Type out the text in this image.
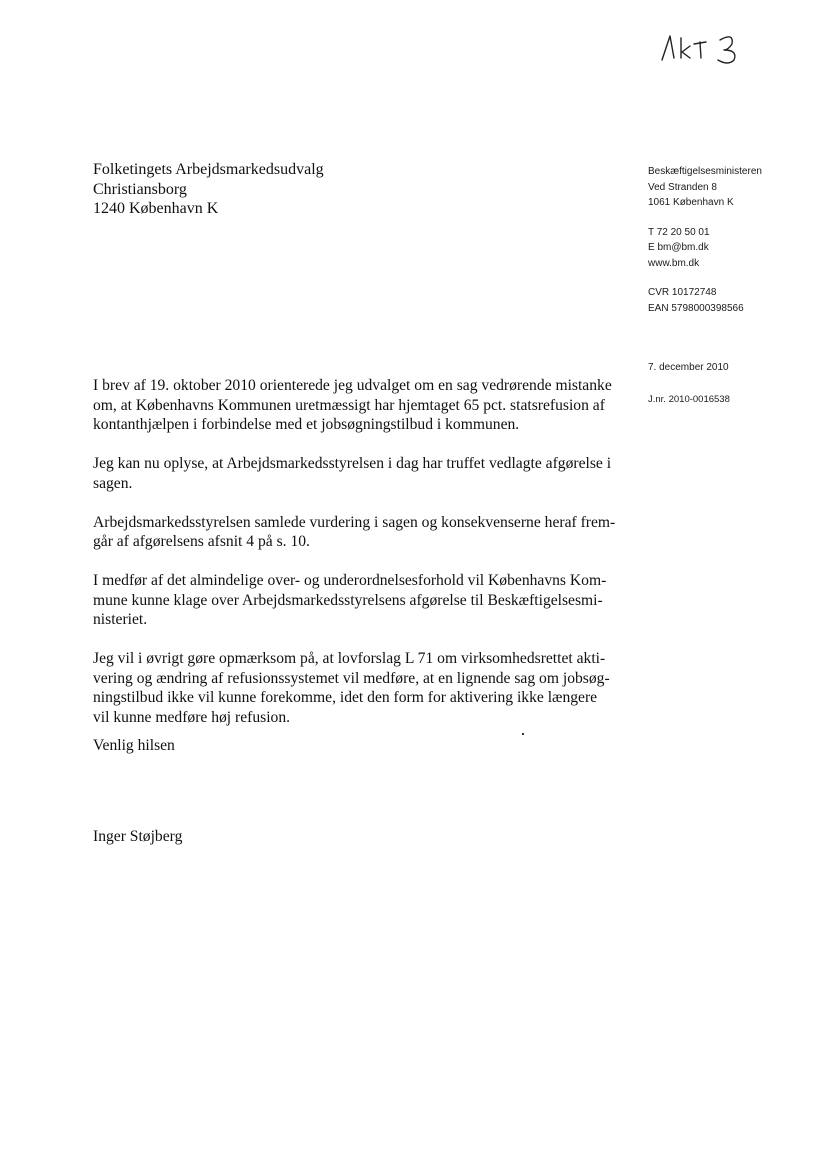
Folketingets Arbejdsmarkedsudvalg
Christiansborg
1240 København K
Beskæftigelsesministeren
Ved Stranden 8
1061 København K
T 72 20 50 01
E bm@bm.dk
www.bm.dk
CVR 10172748
EAN 5798000398566
7. december 2010
J.nr. 2010-0016538

I brev af 19. oktober 2010 orienterede jeg udvalget om en sag vedrørende mistanke
om, at Københavns Kommunen uretmæssigt har hjemtaget 65 pct. statsrefusion af
kontanthjælpen i forbindelse med et jobsøgningstilbud i kommunen.

Jeg kan nu oplyse, at Arbejdsmarkedsstyrelsen i dag har truffet vedlagte afgørelse i
sagen.

Arbejdsmarkedsstyrelsen samlede vurdering i sagen og konsekvenserne heraf frem-
går af afgørelsens afsnit 4 på s. 10.

I medfør af det almindelige over- og underordnelsesforhold vil Københavns Kom-
mune kunne klage over Arbejdsmarkedsstyrelsens afgørelse til Beskæftigelsesmi-
nisteriet.

Jeg vil i øvrigt gøre opmærksom på, at lovforslag L 71 om virksomhedsrettet akti-
vering og ændring af refusionssystemet vil medføre, at en lignende sag om jobsøg-
ningstilbud ikke vil kunne forekomme, idet den form for aktivering ikke længere
vil kunne medføre høj refusion.

Venlig hilsen
Inger Støjberg
